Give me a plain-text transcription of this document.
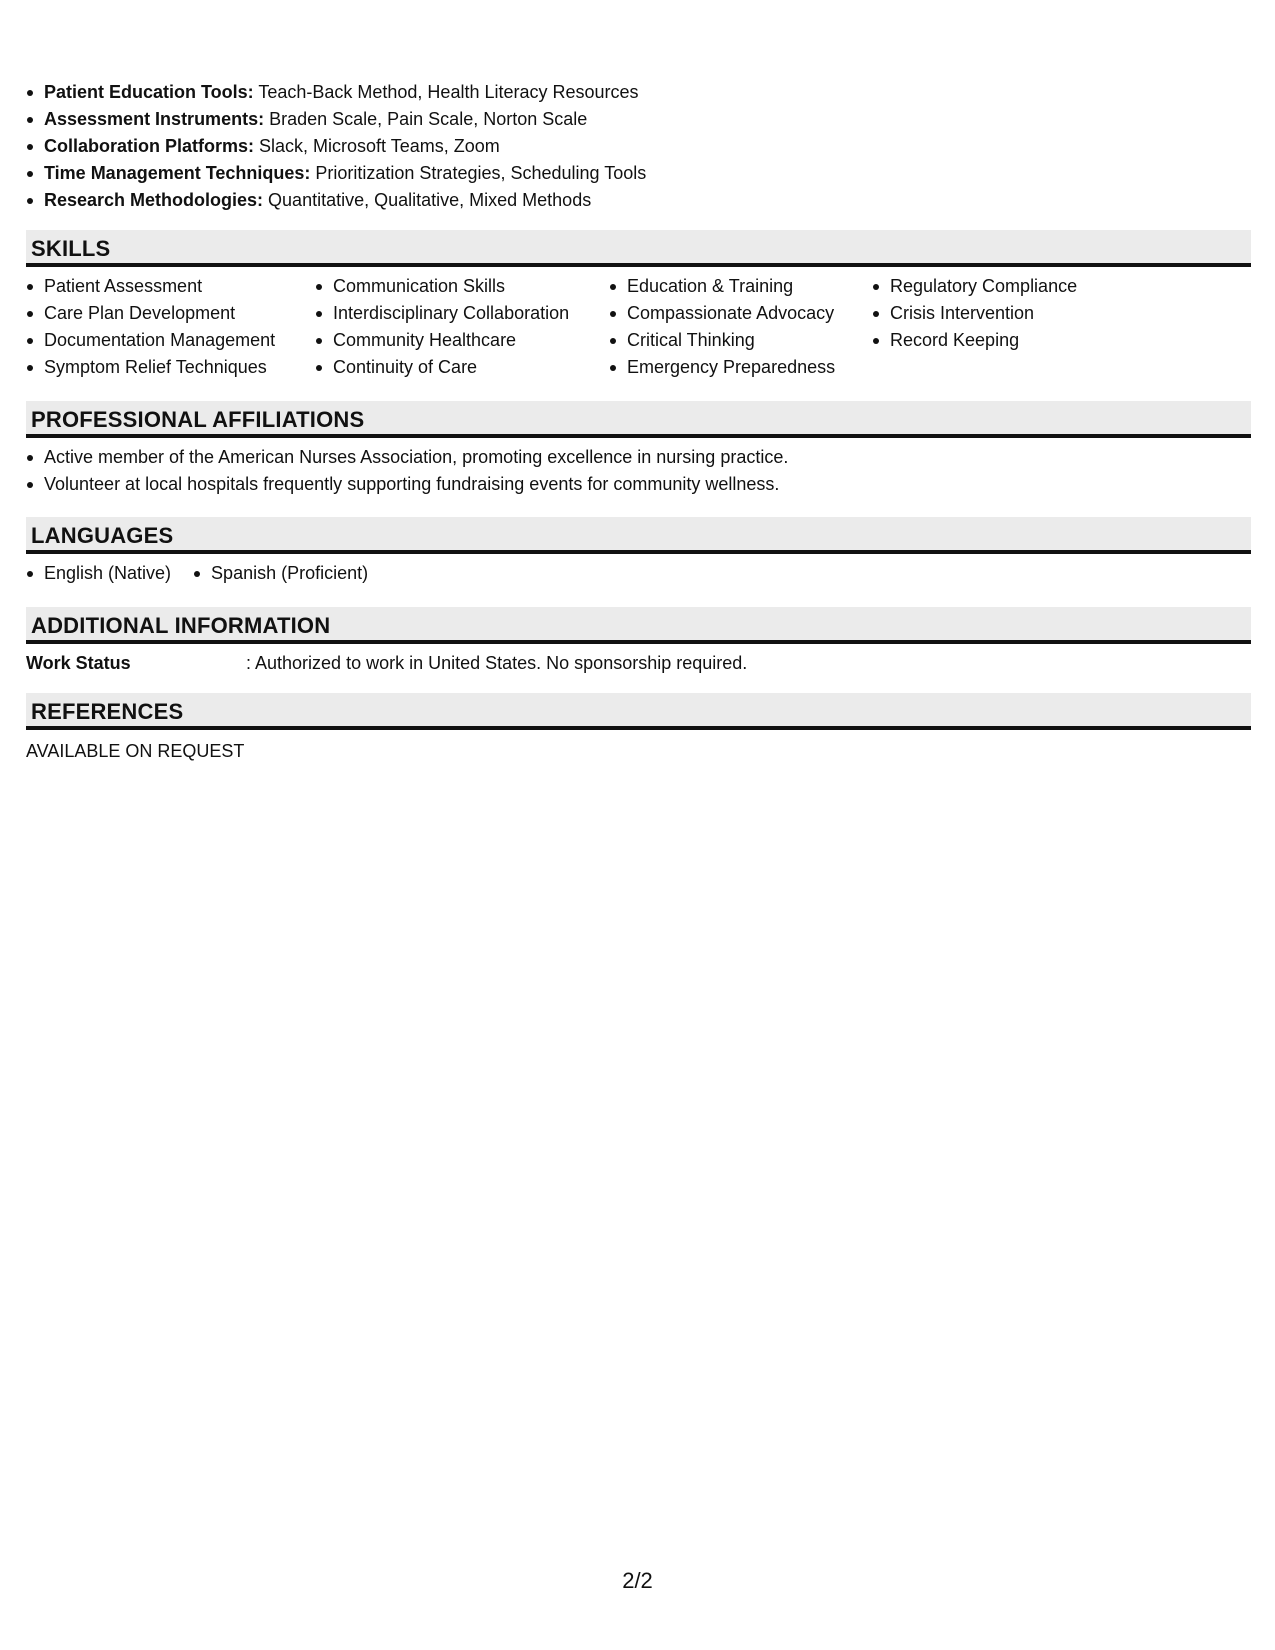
Patient Education Tools: Teach-Back Method, Health Literacy Resources
Assessment Instruments: Braden Scale, Pain Scale, Norton Scale
Collaboration Platforms: Slack, Microsoft Teams, Zoom
Time Management Techniques: Prioritization Strategies, Scheduling Tools
Research Methodologies: Quantitative, Qualitative, Mixed Methods
SKILLS
Patient Assessment
Care Plan Development
Documentation Management
Symptom Relief Techniques
Communication Skills
Interdisciplinary Collaboration
Community Healthcare
Continuity of Care
Education & Training
Compassionate Advocacy
Critical Thinking
Emergency Preparedness
Regulatory Compliance
Crisis Intervention
Record Keeping
PROFESSIONAL AFFILIATIONS
Active member of the American Nurses Association, promoting excellence in nursing practice.
Volunteer at local hospitals frequently supporting fundraising events for community wellness.
LANGUAGES
English (Native)	Spanish (Proficient)
ADDITIONAL INFORMATION
Work Status	: Authorized to work in United States. No sponsorship required.
REFERENCES
AVAILABLE ON REQUEST
2/2
